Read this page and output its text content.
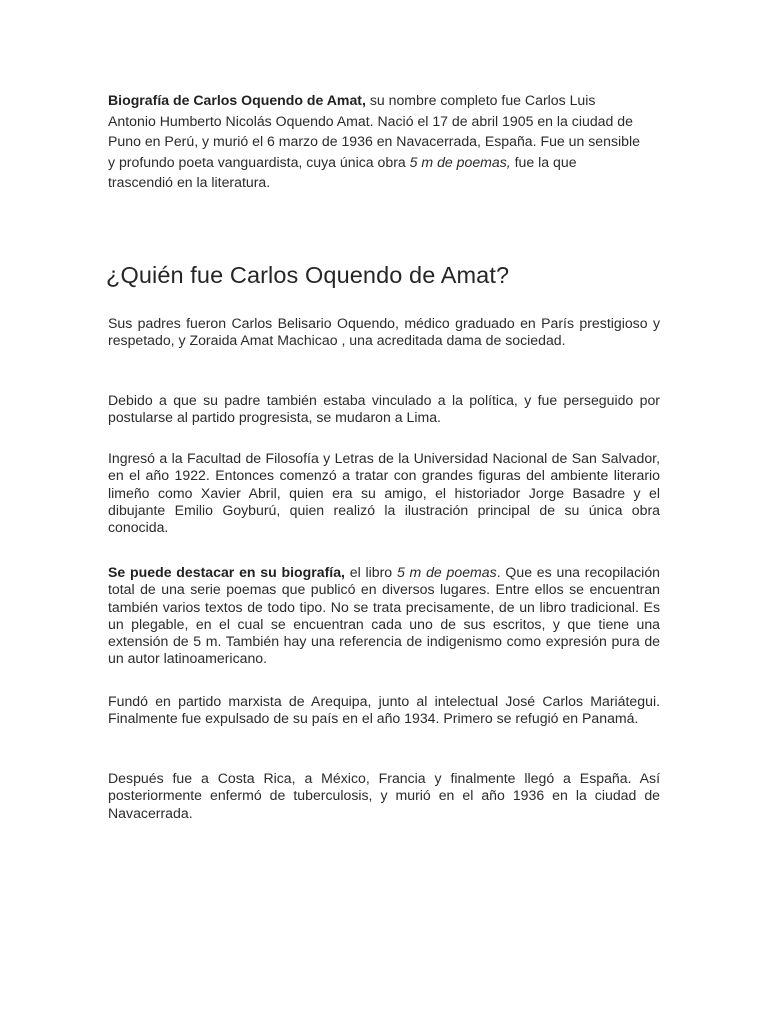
Biografía de Carlos Oquendo de Amat, su nombre completo fue Carlos Luis Antonio Humberto Nicolás Oquendo Amat. Nació el 17 de abril 1905 en la ciudad de Puno en Perú, y murió el 6 marzo de 1936 en Navacerrada, España. Fue un sensible y profundo poeta vanguardista, cuya única obra 5 m de poemas, fue la que trascendió en la literatura.

¿Quién fue Carlos Oquendo de Amat?

Sus padres fueron Carlos Belisario Oquendo, médico graduado en París prestigioso y respetado, y Zoraida Amat Machicao , una acreditada dama de sociedad.

Debido a que su padre también estaba vinculado a la política, y fue perseguido por postularse al partido progresista, se mudaron a Lima.

Ingresó a la Facultad de Filosofía y Letras de la Universidad Nacional de San Salvador, en el año 1922. Entonces comenzó a tratar con grandes figuras del ambiente literario limeño como Xavier Abril, quien era su amigo, el historiador Jorge Basadre y el dibujante Emilio Goyburú, quien realizó la ilustración principal de su única obra conocida.

Se puede destacar en su biografía, el libro 5 m de poemas. Que es una recopilación total de una serie poemas que publicó en diversos lugares. Entre ellos se encuentran también varios textos de todo tipo. No se trata precisamente, de un libro tradicional. Es un plegable, en el cual se encuentran cada uno de sus escritos, y que tiene una extensión de 5 m. También hay una referencia de indigenismo como expresión pura de un autor latinoamericano.

Fundó en partido marxista de Arequipa, junto al intelectual José Carlos Mariátegui. Finalmente fue expulsado de su país en el año 1934. Primero se refugió en Panamá.

Después fue a Costa Rica, a México, Francia y finalmente llegó a España. Así posteriormente enfermó de tuberculosis, y murió en el año 1936 en la ciudad de Navacerrada.
